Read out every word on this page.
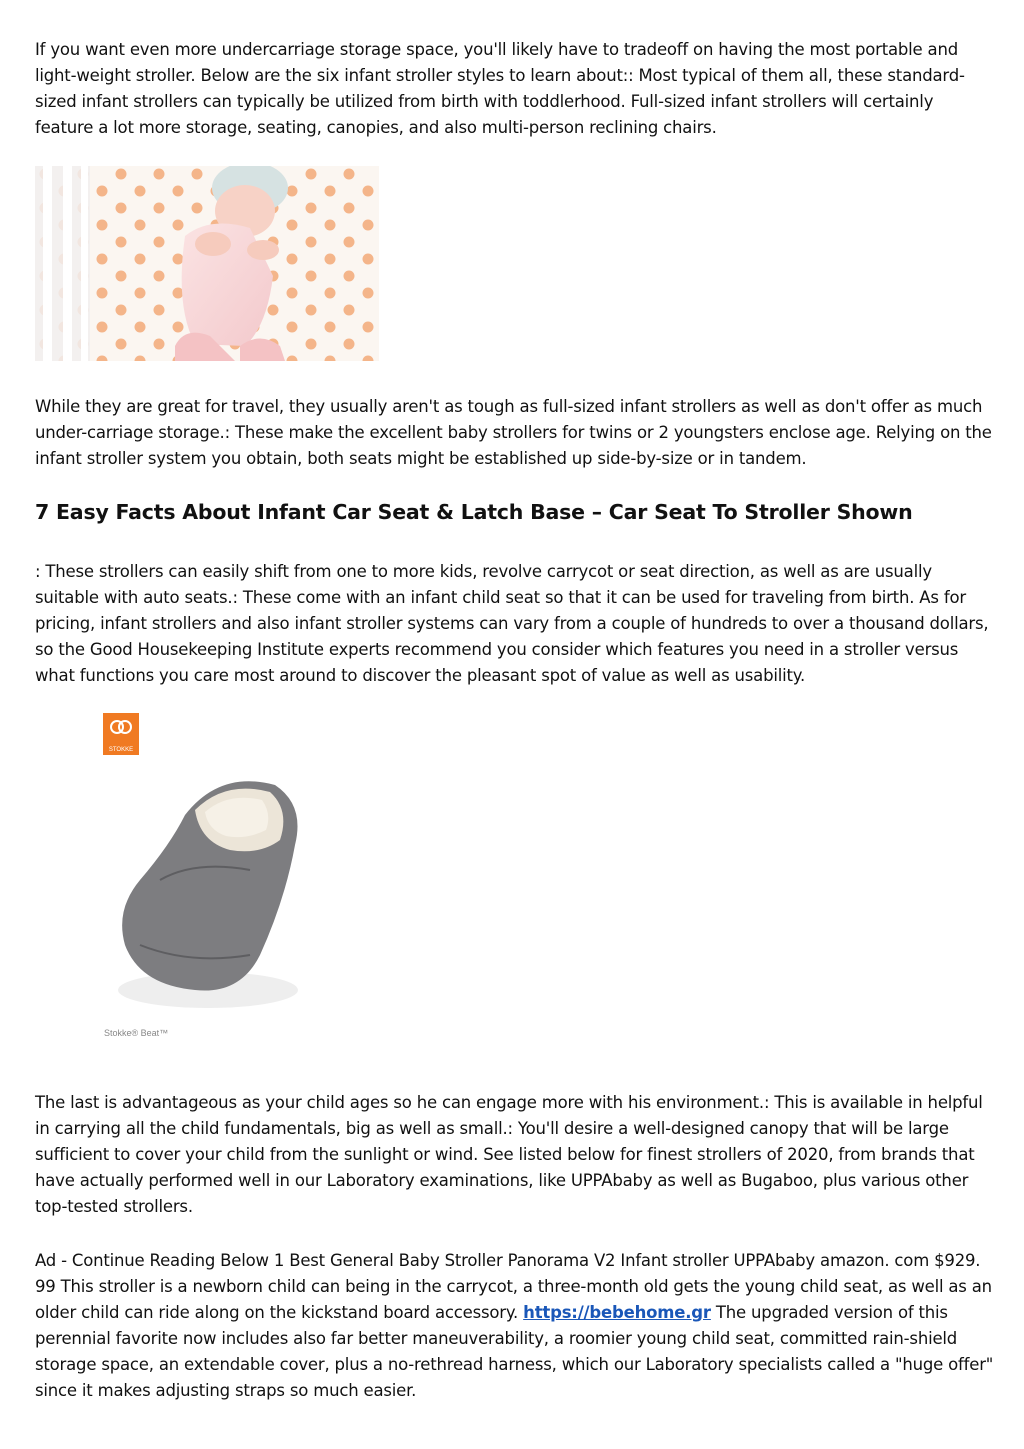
If you want even more undercarriage storage space, you'll likely have to tradeoff on having the most portable and light-weight stroller. Below are the six infant stroller styles to learn about:: Most typical of them all, these standard-sized infant strollers can typically be utilized from birth with toddlerhood. Full-sized infant strollers will certainly feature a lot more storage, seating, canopies, and also multi-person reclining chairs.

While they are great for travel, they usually aren't as tough as full-sized infant strollers as well as don't offer as much under-carriage storage.: These make the excellent baby strollers for twins or 2 youngsters enclose age. Relying on the infant stroller system you obtain, both seats might be established up side-by-size or in tandem.

7 Easy Facts About Infant Car Seat & Latch Base – Car Seat To Stroller Shown

: These strollers can easily shift from one to more kids, revolve carrycot or seat direction, as well as are usually suitable with auto seats.: These come with an infant child seat so that it can be used for traveling from birth. As for pricing, infant strollers and also infant stroller systems can vary from a couple of hundreds to over a thousand dollars, so the Good Housekeeping Institute experts recommend you consider which features you need in a stroller versus what functions you care most around to discover the pleasant spot of value as well as usability.

STOKKE
Stokke® Beat™

The last is advantageous as your child ages so he can engage more with his environment.: This is available in helpful in carrying all the child fundamentals, big as well as small.: You'll desire a well-designed canopy that will be large sufficient to cover your child from the sunlight or wind. See listed below for finest strollers of 2020, from brands that have actually performed well in our Laboratory examinations, like UPPAbaby as well as Bugaboo, plus various other top-tested strollers.

Ad - Continue Reading Below 1 Best General Baby Stroller Panorama V2 Infant stroller UPPAbaby amazon. com $929. 99 This stroller is a newborn child can being in the carrycot, a three-month old gets the young child seat, as well as an older child can ride along on the kickstand board accessory. https://bebehome.gr The upgraded version of this perennial favorite now includes also far better maneuverability, a roomier young child seat, committed rain-shield storage space, an extendable cover, plus a no-rethread harness, which our Laboratory specialists called a "huge offer" since it makes adjusting straps so much easier.
